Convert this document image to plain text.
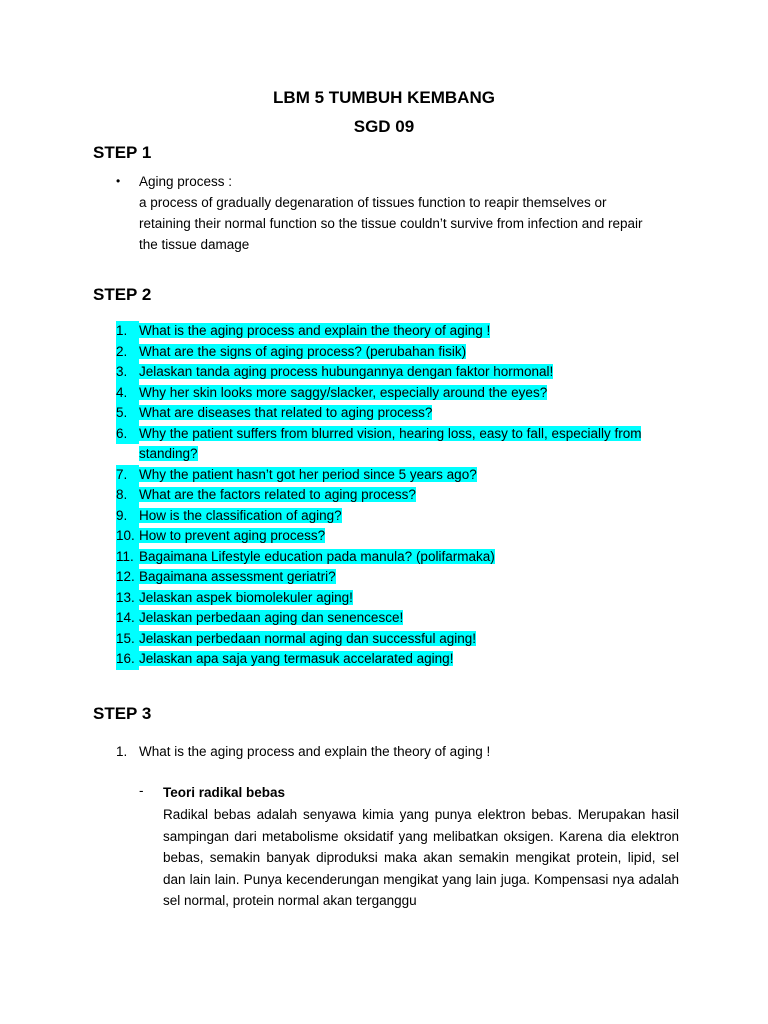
LBM 5 TUMBUH KEMBANG
SGD 09
STEP 1
•	Aging process :
a process of gradually degenaration of tissues function to reapir themselves or retaining their normal function so the tissue couldn’t survive from infection and repair the tissue damage
STEP 2
1. What is the aging process and explain the theory of aging !
2. What are the signs of aging process? (perubahan fisik)
3. Jelaskan tanda aging process hubungannya dengan faktor hormonal!
4. Why her skin looks more saggy/slacker, especially around the eyes?
5. What are diseases that related to aging process?
6. Why the patient suffers from blurred vision, hearing loss, easy to fall, especially from standing?
7. Why the patient hasn’t got her period since 5 years ago?
8. What are the factors related to aging process?
9. How is the classification of aging?
10. How to prevent aging process?
11. Bagaimana Lifestyle education pada manula? (polifarmaka)
12. Bagaimana assessment geriatri?
13. Jelaskan aspek biomolekuler aging!
14. Jelaskan perbedaan aging dan senencesce!
15. Jelaskan perbedaan normal aging dan successful aging!
16. Jelaskan apa saja yang termasuk accelarated aging!
STEP 3
1. What is the aging process and explain the theory of aging !
-	Teori radikal bebas
Radikal bebas adalah senyawa kimia yang punya elektron bebas. Merupakan hasil sampingan dari metabolisme oksidatif yang melibatkan oksigen. Karena dia elektron bebas, semakin banyak diproduksi maka akan semakin mengikat protein, lipid, sel dan lain lain. Punya kecenderungan mengikat yang lain juga. Kompensasi nya adalah sel normal, protein normal akan terganggu
